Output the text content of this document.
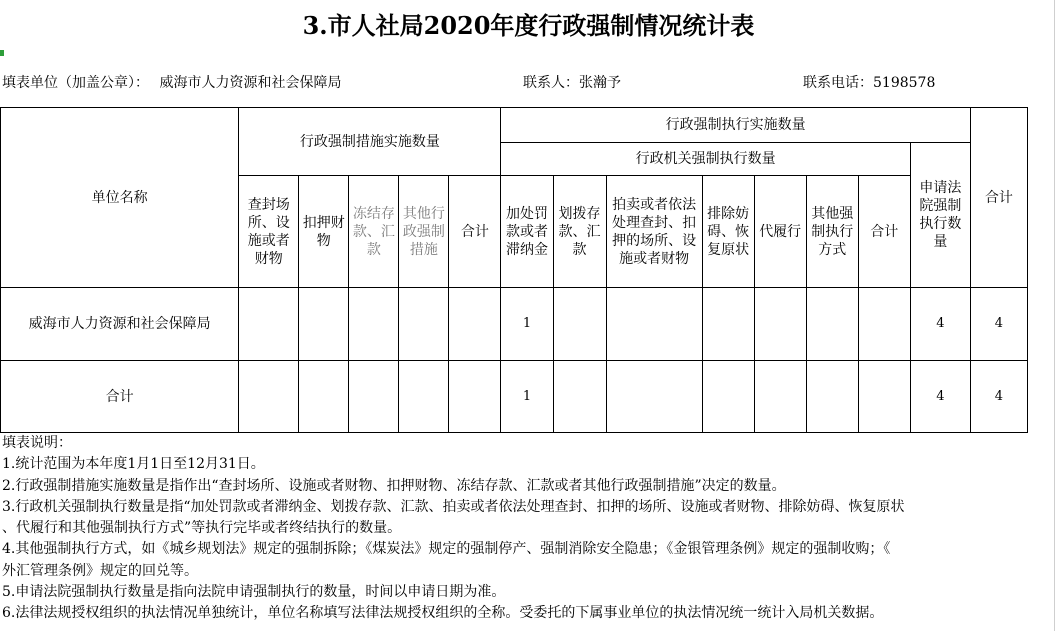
3.市人社局2020年度行政强制情况统计表
填表单位（加盖公章）： 威海市人力资源和社会保障局	联系人：张瀚予	联系电话：5198578
单位名称	行政强制措施实施数量					行政强制执行实施数量								合计
						行政机关强制执行数量							申请法院强制执行数量	
	查封场所、设施或者财物	扣押财物	冻结存款、汇款	其他行政强制措施	合计	加处罚款或者滞纳金	划拨存款、汇款	拍卖或者依法处理查封、扣押的场所、设施或者财物	排除妨碍、恢复原状	代履行	其他强制执行方式	合计		
威海市人力资源和社会保障局						1							4	4
合计						1							4	4
填表说明：
1.统计范围为本年度1月1日至12月31日。
2.行政强制措施实施数量是指作出“查封场所、设施或者财物、扣押财物、冻结存款、汇款或者其他行政强制措施”决定的数量。
3.行政机关强制执行数量是指“加处罚款或者滞纳金、划拨存款、汇款、拍卖或者依法处理查封、扣押的场所、设施或者财物、排除妨碍、恢复原状
、代履行和其他强制执行方式”等执行完毕或者终结执行的数量。
4.其他强制执行方式，如《城乡规划法》规定的强制拆除；《煤炭法》规定的强制停产、强制消除安全隐患；《金银管理条例》规定的强制收购；《
外汇管理条例》规定的回兑等。
5.申请法院强制执行数量是指向法院申请强制执行的数量，时间以申请日期为准。
6.法律法规授权组织的执法情况单独统计，单位名称填写法律法规授权组织的全称。受委托的下属事业单位的执法情况统一统计入局机关数据。
